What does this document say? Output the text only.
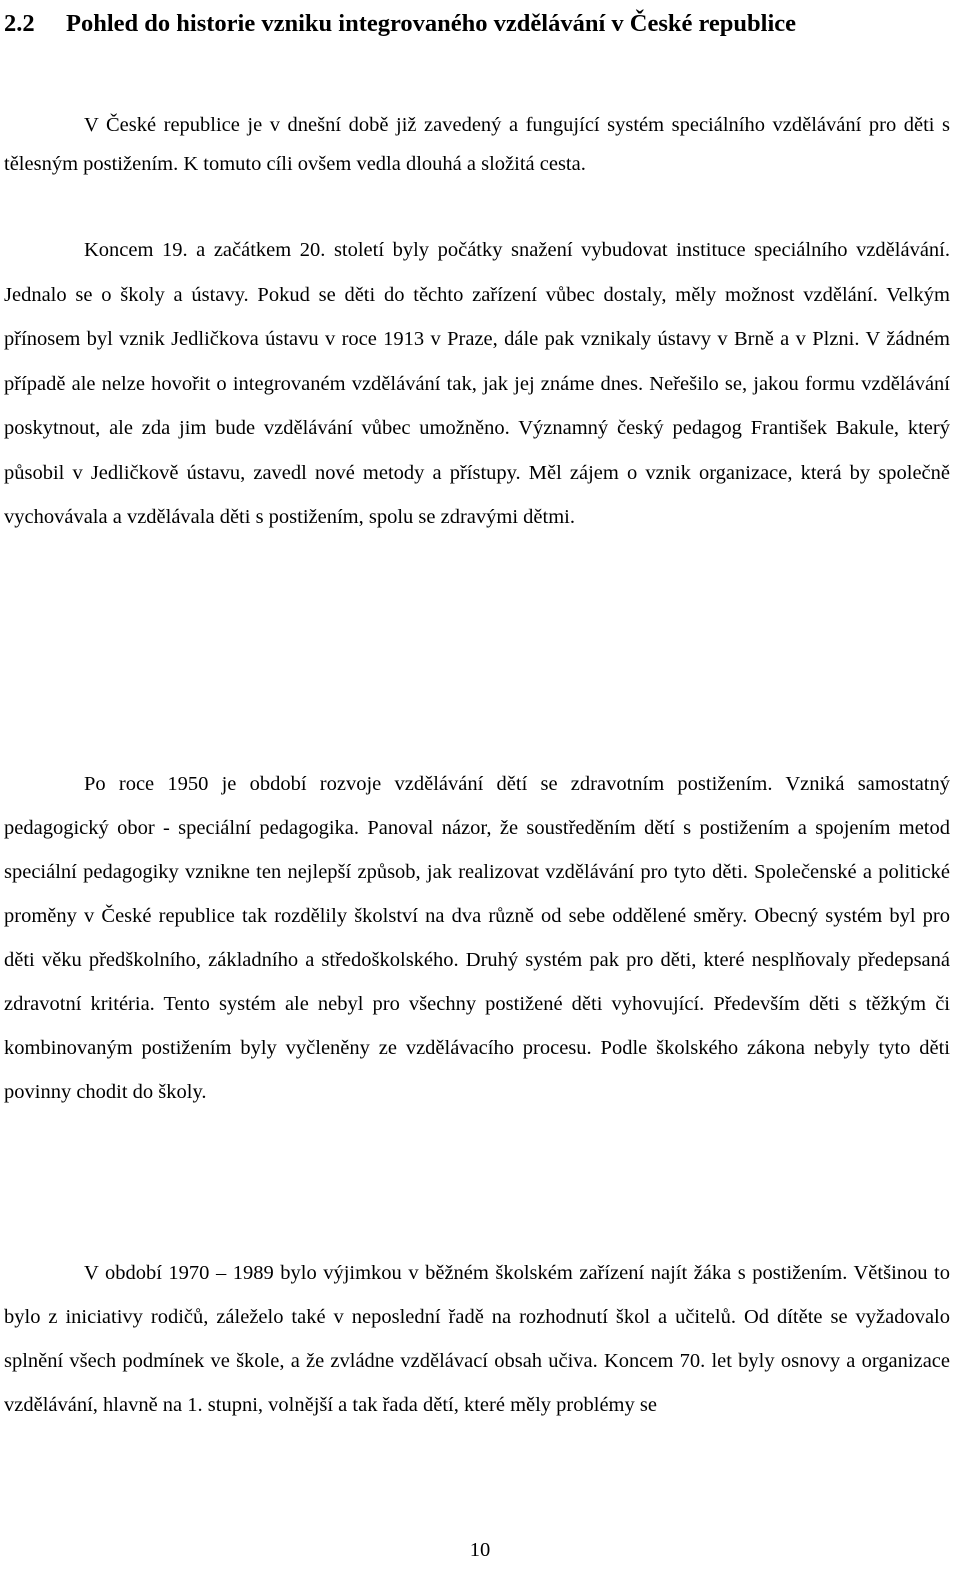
2.2 Pohled do historie vzniku integrovaného vzdělávání v České republice

V České republice je v dnešní době již zavedený a fungující systém speciálního vzdělávání pro děti s tělesným postižením. K tomuto cíli ovšem vedla dlouhá a složitá cesta.

Koncem 19. a začátkem 20. století byly počátky snažení vybudovat instituce speciálního vzdělávání. Jednalo se o školy a ústavy. Pokud se děti do těchto zařízení vůbec dostaly, měly možnost vzdělání. Velkým přínosem byl vznik Jedličkova ústavu v roce 1913 v Praze, dále pak vznikaly ústavy v Brně a v Plzni. V žádném případě ale nelze hovořit o integrovaném vzdělávání tak, jak jej známe dnes. Neřešilo se, jakou formu vzdělávání poskytnout, ale zda jim bude vzdělávání vůbec umožněno. Významný český pedagog František Bakule, který působil v Jedličkově ústavu, zavedl nové metody a přístupy. Měl zájem o vznik organizace, která by společně vychovávala a vzdělávala děti s postižením, spolu se zdravými dětmi.

Po roce 1950 je období rozvoje vzdělávání dětí se zdravotním postižením. Vzniká samostatný pedagogický obor - speciální pedagogika. Panoval názor, že soustředěním dětí s postižením a spojením metod speciální pedagogiky vznikne ten nejlepší způsob, jak realizovat vzdělávání pro tyto děti. Společenské a politické proměny v České republice tak rozdělily školství na dva různě od sebe oddělené směry. Obecný systém byl pro děti věku předškolního, základního a středoškolského. Druhý systém pak pro děti, které nesplňovaly předepsaná zdravotní kritéria. Tento systém ale nebyl pro všechny postižené děti vyhovující. Především děti s těžkým či kombinovaným postižením byly vyčleněny ze vzdělávacího procesu. Podle školského zákona nebyly tyto děti povinny chodit do školy.

V období 1970 – 1989 bylo výjimkou v běžném školském zařízení najít žáka s postižením. Většinou to bylo z iniciativy rodičů, záleželo také v neposlední řadě na rozhodnutí škol a učitelů. Od dítěte se vyžadovalo splnění všech podmínek ve škole, a že zvládne vzdělávací obsah učiva. Koncem 70. let byly osnovy a organizace vzdělávání, hlavně na 1. stupni, volnější a tak řada dětí, které měly problémy se

10
